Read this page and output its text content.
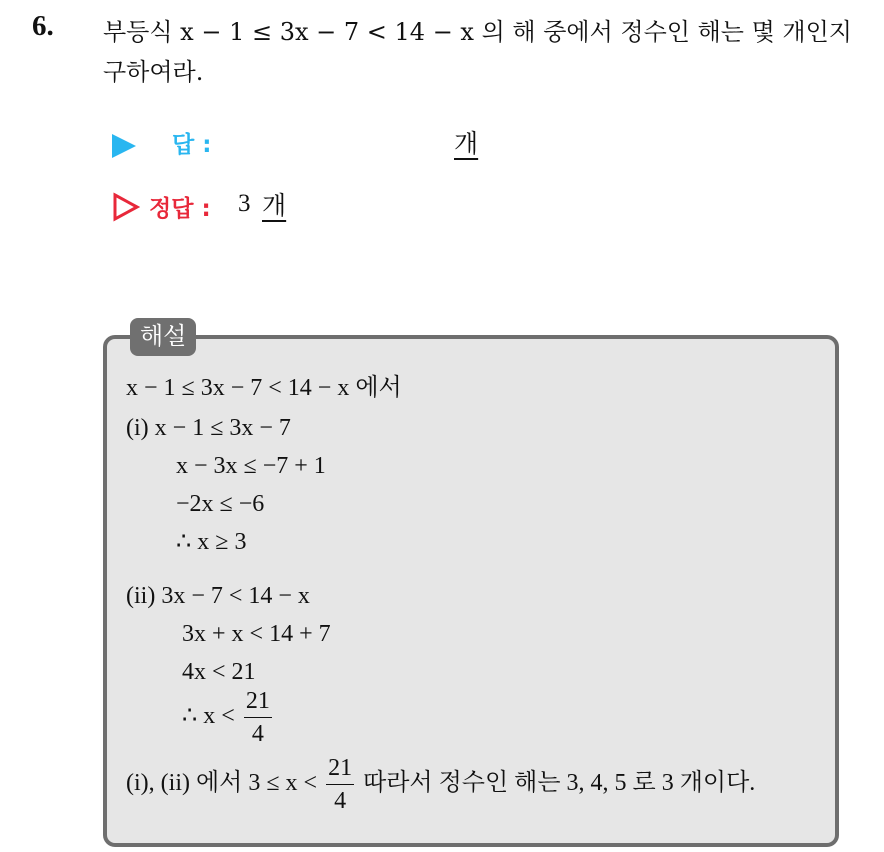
6. 부등식 x − 1 ≤ 3x − 7 < 14 − x 의 해 중에서 정수인 해는 몇 개인지
구하여라.
답 :	개
정답 : 3 개
해설
x − 1 ≤ 3x − 7 < 14 − x 에서
(i) x − 1 ≤ 3x − 7
x − 3x ≤ −7 + 1
−2x ≤ −6
∴ x ≥ 3
(ii) 3x − 7 < 14 − x
3x + x < 14 + 7
4x < 21
∴ $x < \frac{21}{4}$
(i), (ii) 에서 $3 \le x < \frac{21}{4}$ 따라서 정수인 해는 3, 4, 5 로 3 개이다.
